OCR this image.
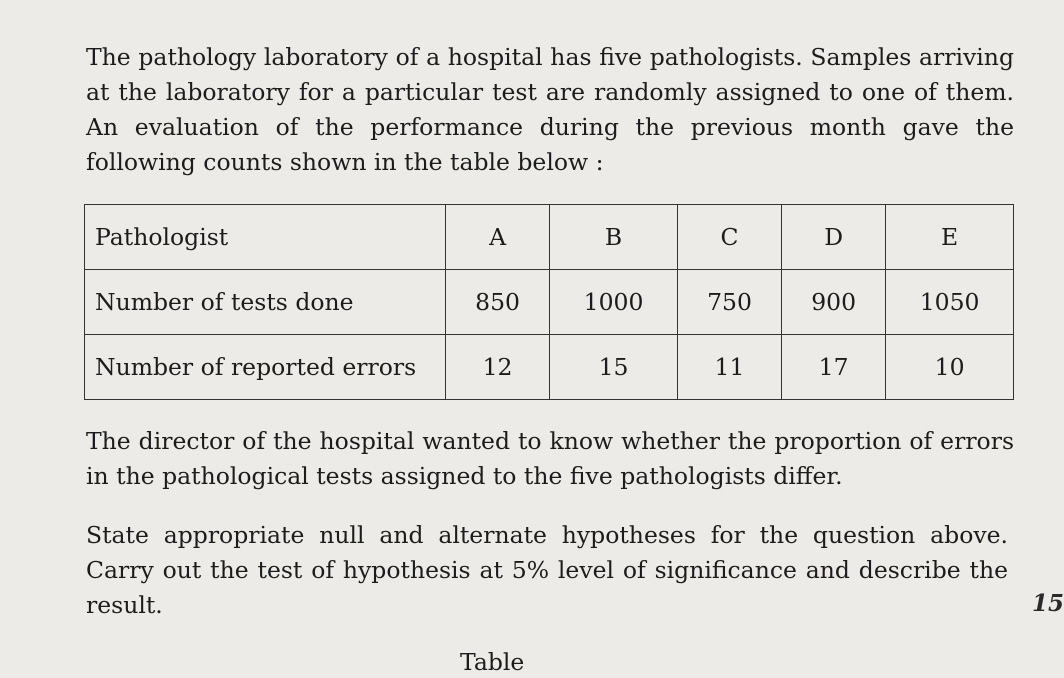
The pathology laboratory of a hospital has five pathologists. Samples arriving at the laboratory for a particular test are randomly assigned to one of them. An evaluation of the performance during the previous month gave the following counts shown in the table below :

Pathologist	A	B	C	D	E
Number of tests done	850	1000	750	900	1050
Number of reported errors	12	15	11	17	10

The director of the hospital wanted to know whether the proportion of errors in the pathological tests assigned to the five pathologists differ.

State appropriate null and alternate hypotheses for the question above. Carry out the test of hypothesis at 5% level of significance and describe the result.	15
Table
